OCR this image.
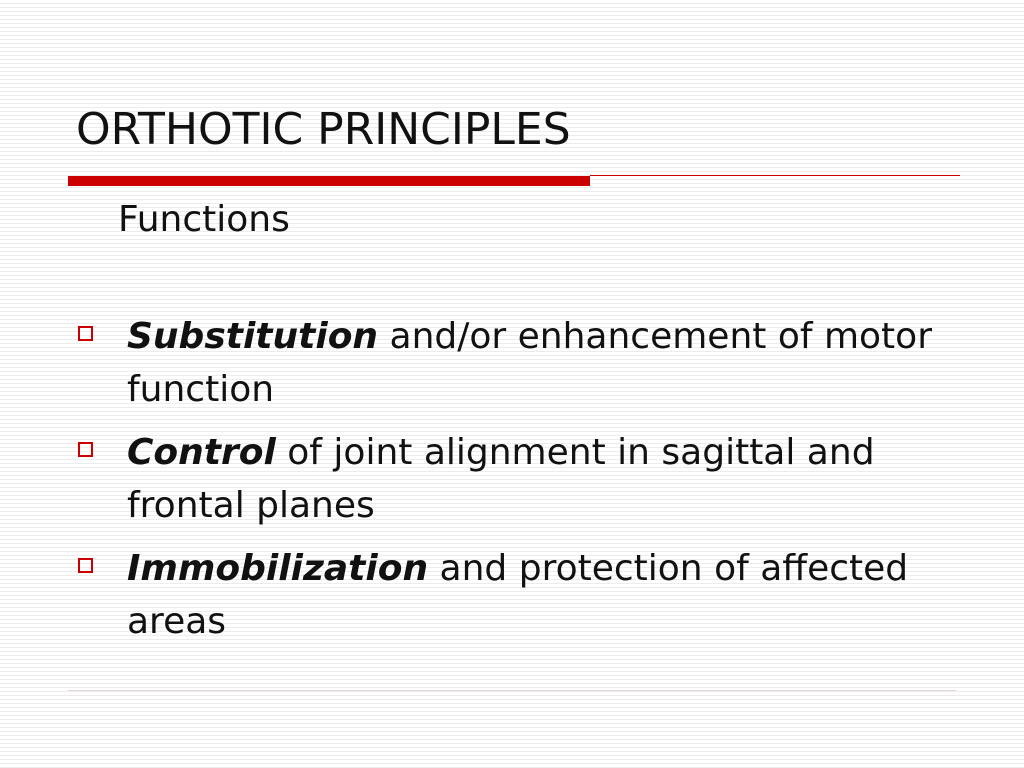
ORTHOTIC PRINCIPLES
Functions
Substitution and/or enhancement of motor function
Control of joint alignment in sagittal and frontal planes
Immobilization and protection of affected areas
